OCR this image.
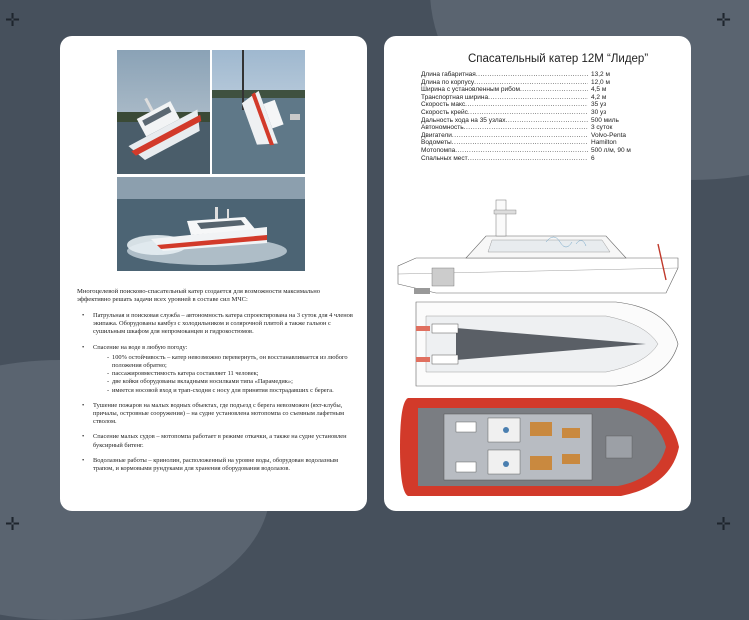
✛	✛
✛	✛
Многоцелевой поисково-спасательный катер создается для возможности максимально эффективно решать задачи всех уровней в составе сил МЧС:
• Патрульная и поисковая служба – автономность катера спроектирована на 3 суток для 4 членов экипажа. Оборудованы камбуз с холодильником и солярочной плитой а также гальюн с сушильным шкафом для непромоканцев и гидрокостюмов.
• Спасение на воде в любую погоду:
- 100% остойчивость – катер невозможно перевернуть, он восстанавливается из любого положения обратно;
- пассажировместимость катера составляет 11 человек;
- две койки оборудованы вкладными носилками типа «Парамедик»;
- имеется носовой вход и трап-сходня с носу для принятия пострадавших с берега.
• Тушение пожаров на малых водных объектах, где подъезд с берега невозможен (яхт-клубы, причалы, островные сооружения) – на судне установлена мотопомпа со съемным лафетным стволом.
• Спасение малых судов – мотопомпа работает в режиме откачки, а также на судне установлен буксирный битенг.
• Водолазные работы – кринолин, расположенный на уровне воды, оборудован водолазным трапом, и кормовыми рундуками для хранения оборудования водолазов.
Спасательный катер 12М “Лидер”
Длина габаритная .....	13,2 м
Длина по корпусу .....	12,0 м
Ширина с установленным рибом .....	4,5 м
Транспортная ширина .....	4,2 м
Скорость макс .....	35 уз
Скорость крейс .....	30 уз
Дальность хода на 35 узлах .....	500 миль
Автономность .....	3 суток
Двигатели .....	Volvo-Penta
Водометы .....	Hamilton
Мотопомпа .....	500 л/м, 90 м
Спальных мест .....	6
